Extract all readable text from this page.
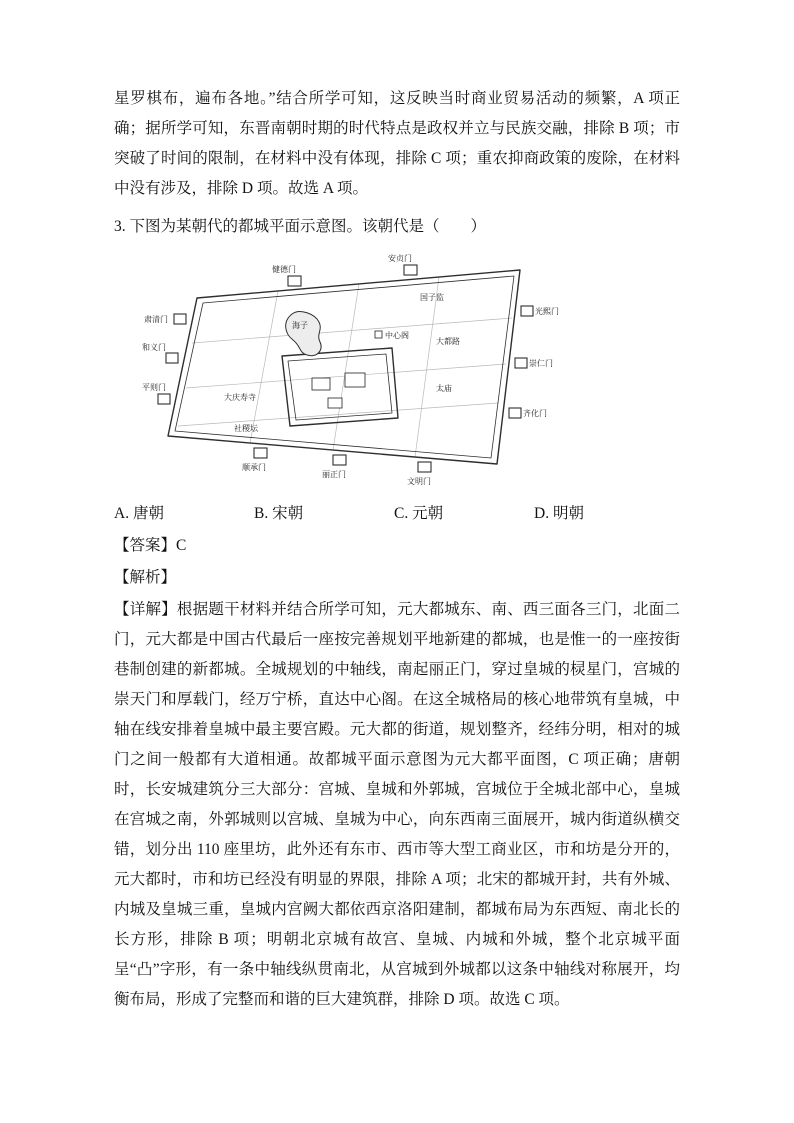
星罗棋布，遍布各地。”结合所学可知，这反映当时商业贸易活动的频繁，A 项正确；据所学可知，东晋南朝时期的时代特点是政权并立与民族交融，排除 B 项；市突破了时间的限制，在材料中没有体现，排除 C 项；重农抑商政策的废除，在材料中没有涉及，排除 D 项。故选 A 项。

3. 下图为某朝代的都城平面示意图。该朝代是（　　）

健德门
安贞门
肃清门
和义门
平则门
光熙门
崇仁门
齐化门
顺承门
丽正门
文明门
海子
中心阁
国子监
大都路
大庆寿寺
太庙
社稷坛
A. 唐朝	B. 宋朝	C. 元朝	D. 明朝

【答案】C

【解析】

【详解】根据题干材料并结合所学可知，元大都城东、南、西三面各三门，北面二门，元大都是中国古代最后一座按完善规划平地新建的都城，也是惟一的一座按街巷制创建的新都城。全城规划的中轴线，南起丽正门，穿过皇城的棂星门，宫城的崇天门和厚载门，经万宁桥，直达中心阁。在这全城格局的核心地带筑有皇城，中轴在线安排着皇城中最主要宫殿。元大都的街道，规划整齐，经纬分明，相对的城门之间一般都有大道相通。故都城平面示意图为元大都平面图，C 项正确；唐朝时，长安城建筑分三大部分：宫城、皇城和外郭城，宫城位于全城北部中心，皇城在宫城之南，外郭城则以宫城、皇城为中心，向东西南三面展开，城内街道纵横交错，划分出 110 座里坊，此外还有东市、西市等大型工商业区，市和坊是分开的，元大都时，市和坊已经没有明显的界限，排除 A 项；北宋的都城开封，共有外城、内城及皇城三重，皇城内宫阙大都依西京洛阳建制，都城布局为东西短、南北长的长方形，排除 B 项；明朝北京城有故宫、皇城、内城和外城，整个北京城平面呈“凸”字形，有一条中轴线纵贯南北，从宫城到外城都以这条中轴线对称展开，均衡布局，形成了完整而和谐的巨大建筑群，排除 D 项。故选 C 项。
